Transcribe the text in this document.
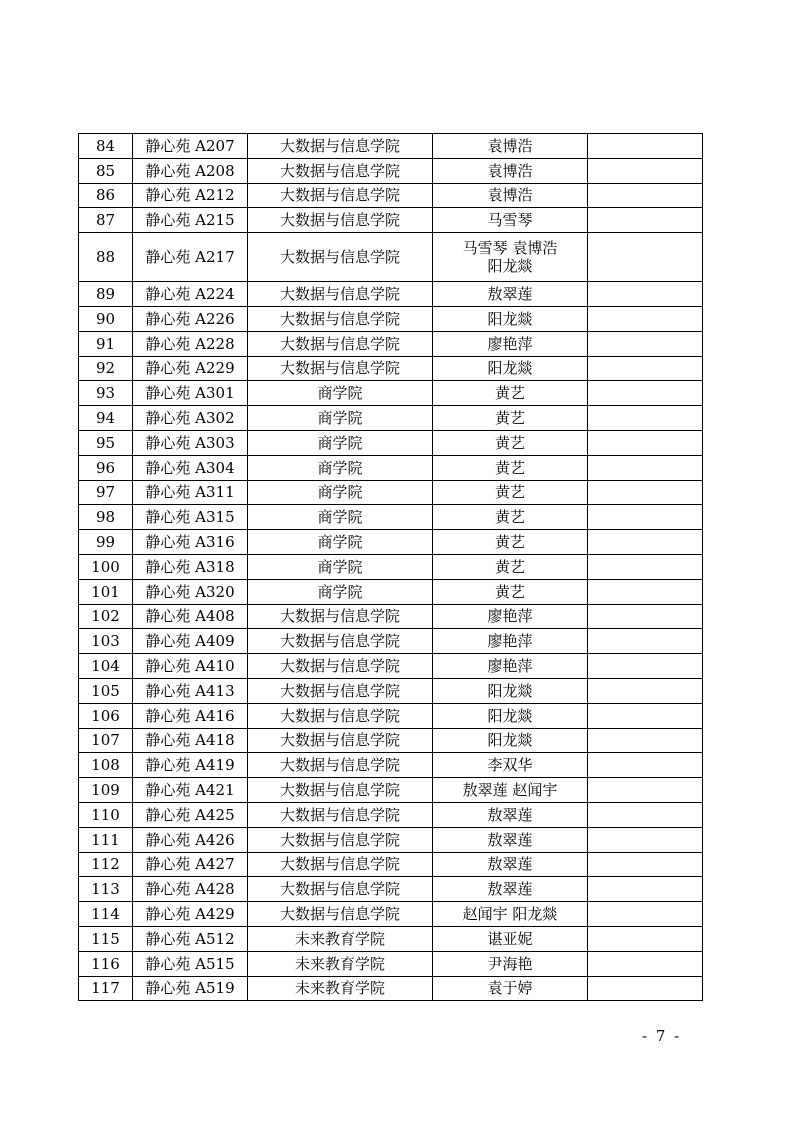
84	静心苑 A207	大数据与信息学院	袁博浩	
85	静心苑 A208	大数据与信息学院	袁博浩	
86	静心苑 A212	大数据与信息学院	袁博浩	
87	静心苑 A215	大数据与信息学院	马雪琴	
88	静心苑 A217	大数据与信息学院	马雪琴 袁博浩
阳龙燚	
89	静心苑 A224	大数据与信息学院	敖翠莲	
90	静心苑 A226	大数据与信息学院	阳龙燚	
91	静心苑 A228	大数据与信息学院	廖艳萍	
92	静心苑 A229	大数据与信息学院	阳龙燚	
93	静心苑 A301	商学院	黄艺	
94	静心苑 A302	商学院	黄艺	
95	静心苑 A303	商学院	黄艺	
96	静心苑 A304	商学院	黄艺	
97	静心苑 A311	商学院	黄艺	
98	静心苑 A315	商学院	黄艺	
99	静心苑 A316	商学院	黄艺	
100	静心苑 A318	商学院	黄艺	
101	静心苑 A320	商学院	黄艺	
102	静心苑 A408	大数据与信息学院	廖艳萍	
103	静心苑 A409	大数据与信息学院	廖艳萍	
104	静心苑 A410	大数据与信息学院	廖艳萍	
105	静心苑 A413	大数据与信息学院	阳龙燚	
106	静心苑 A416	大数据与信息学院	阳龙燚	
107	静心苑 A418	大数据与信息学院	阳龙燚	
108	静心苑 A419	大数据与信息学院	李双华	
109	静心苑 A421	大数据与信息学院	敖翠莲 赵闻宇	
110	静心苑 A425	大数据与信息学院	敖翠莲	
111	静心苑 A426	大数据与信息学院	敖翠莲	
112	静心苑 A427	大数据与信息学院	敖翠莲	
113	静心苑 A428	大数据与信息学院	敖翠莲	
114	静心苑 A429	大数据与信息学院	赵闻宇 阳龙燚	
115	静心苑 A512	未来教育学院	谌亚妮	
116	静心苑 A515	未来教育学院	尹海艳	
117	静心苑 A519	未来教育学院	袁于婷	
- 7 -
